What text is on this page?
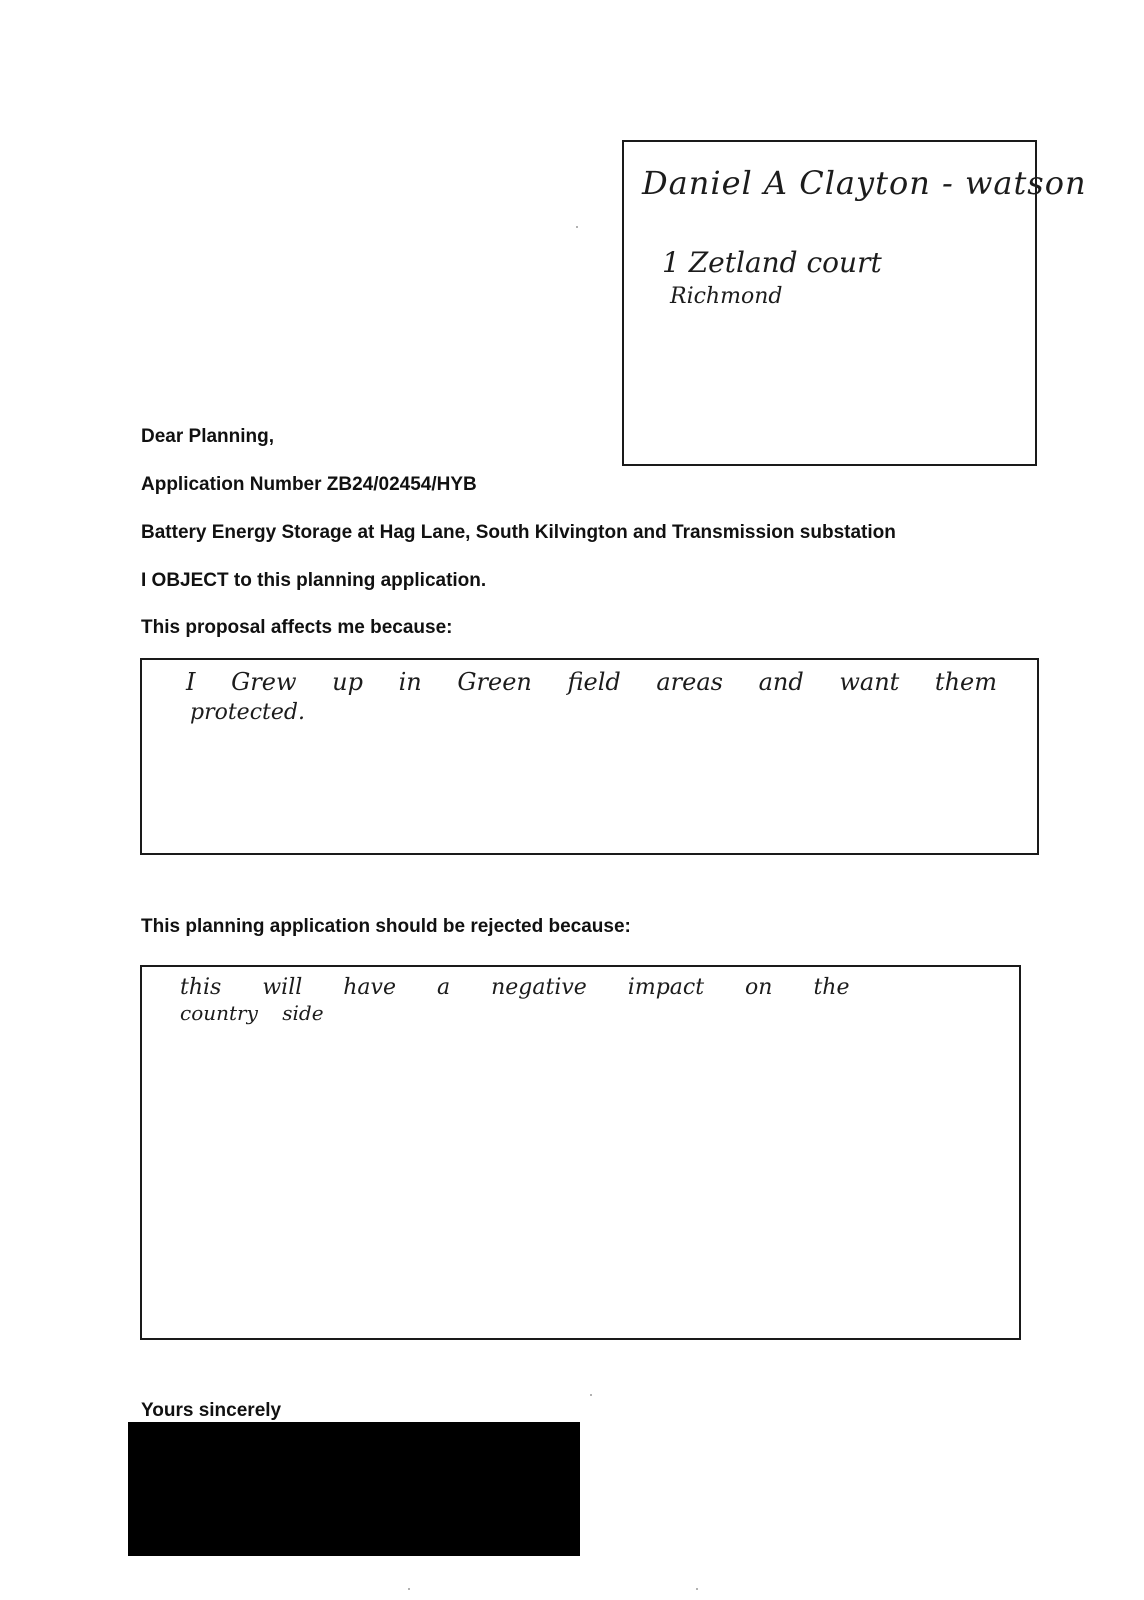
Daniel A Clayton - watson
1 Zetland court
Richmond
Dear Planning,
Application Number ZB24/02454/HYB
Battery Energy Storage at Hag Lane, South Kilvington and Transmission substation
I OBJECT to this planning application.
This proposal affects me because:
I Grew up in Green field areas and want them
protected.
This planning application should be rejected because:
this will have a negative impact on the
country side
Yours sincerely
